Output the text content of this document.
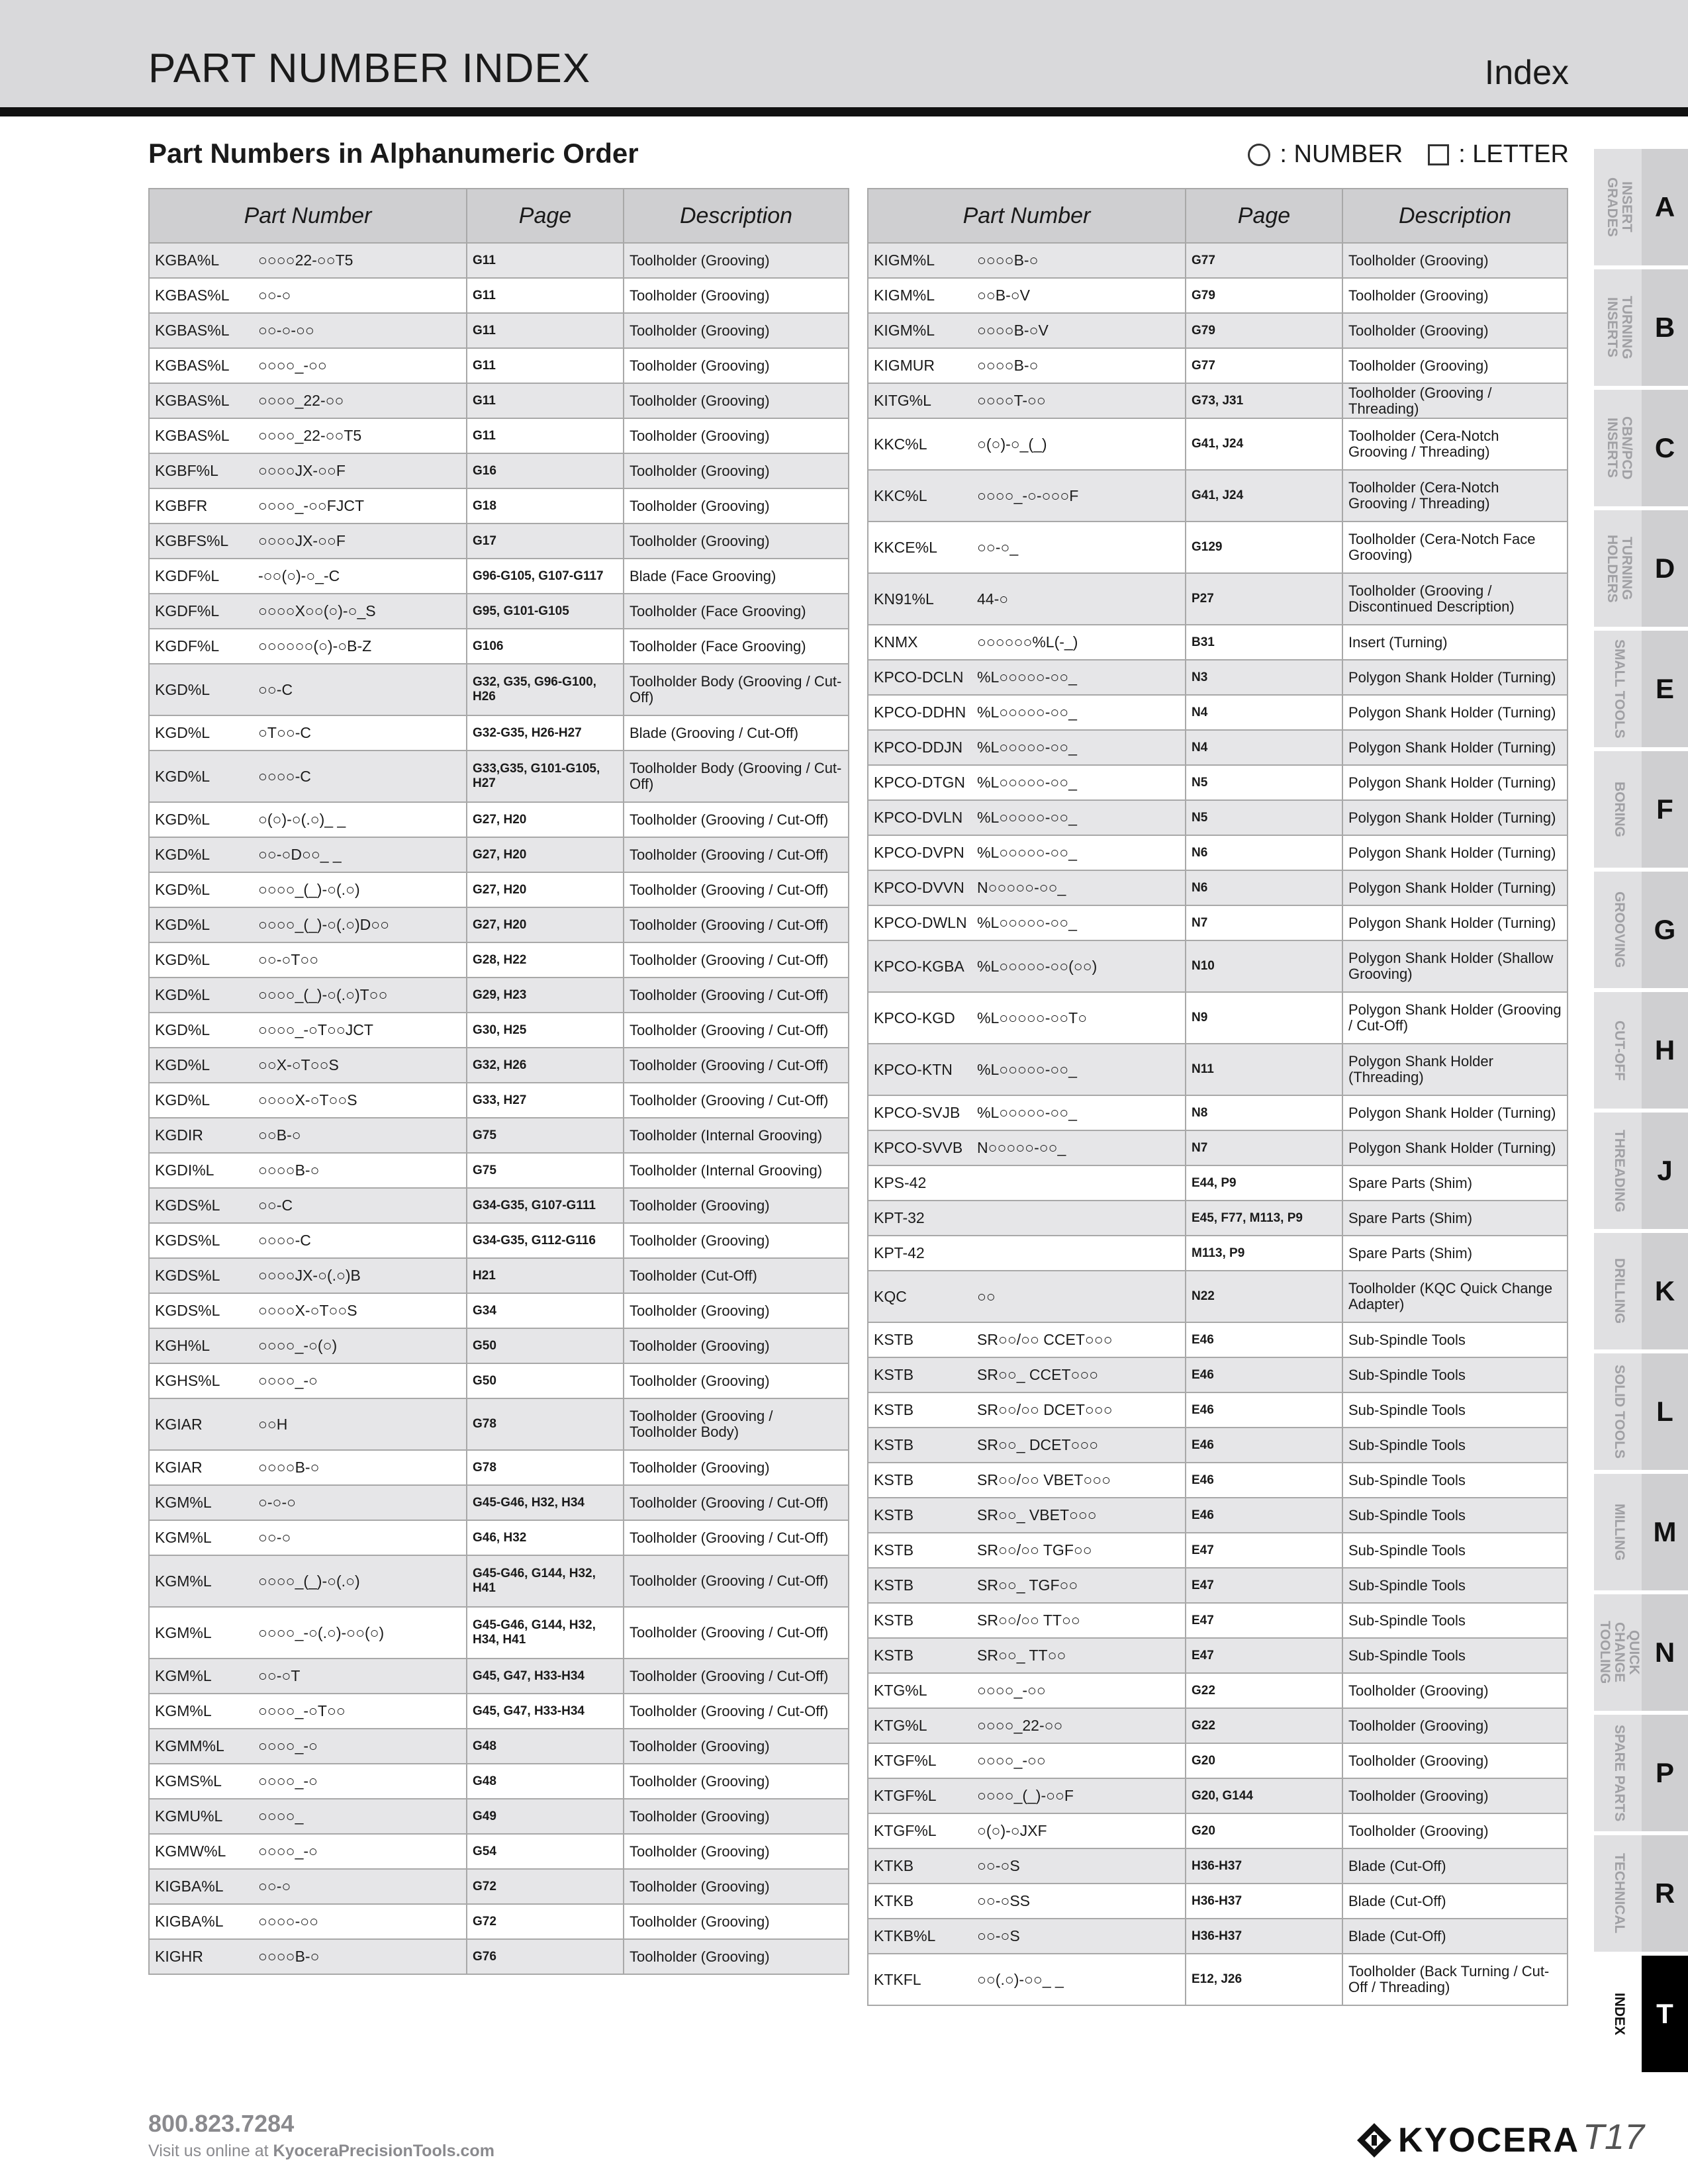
PART NUMBER INDEX	Index
Part Numbers in Alphanumeric Order	: NUMBER : LETTER
Part Number	Page	Description
KGBA%L ○○○○22-○○T5	G11	Toolholder (Grooving)
KGBAS%L ○○-○	G11	Toolholder (Grooving)
KGBAS%L ○○-○-○○	G11	Toolholder (Grooving)
KGBAS%L ○○○○_-○○	G11	Toolholder (Grooving)
KGBAS%L ○○○○_22-○○	G11	Toolholder (Grooving)
KGBAS%L ○○○○_22-○○T5	G11	Toolholder (Grooving)
KGBF%L ○○○○JX-○○F	G16	Toolholder (Grooving)
KGBFR ○○○○_-○○FJCT	G18	Toolholder (Grooving)
KGBFS%L ○○○○JX-○○F	G17	Toolholder (Grooving)
KGDF%L -○○(○)-○_-C	G96-G105, G107-G117	Blade (Face Grooving)
KGDF%L ○○○○X○○(○)-○_S	G95, G101-G105	Toolholder (Face Grooving)
KGDF%L ○○○○○○(○)-○B-Z	G106	Toolholder (Face Grooving)
KGD%L ○○-C	G32, G35, G96-G100, H26	Toolholder Body (Grooving / Cut-Off)
KGD%L ○T○○-C	G32-G35, H26-H27	Blade (Grooving / Cut-Off)
KGD%L ○○○○-C	G33,G35, G101-G105, H27	Toolholder Body (Grooving / Cut-Off)
KGD%L ○(○)-○(.○)_ _	G27, H20	Toolholder (Grooving / Cut-Off)
KGD%L ○○-○D○○_ _	G27, H20	Toolholder (Grooving / Cut-Off)
KGD%L ○○○○_(_)-○(.○)	G27, H20	Toolholder (Grooving / Cut-Off)
KGD%L ○○○○_(_)-○(.○)D○○	G27, H20	Toolholder (Grooving / Cut-Off)
KGD%L ○○-○T○○	G28, H22	Toolholder (Grooving / Cut-Off)
KGD%L ○○○○_(_)-○(.○)T○○	G29, H23	Toolholder (Grooving / Cut-Off)
KGD%L ○○○○_-○T○○JCT	G30, H25	Toolholder (Grooving / Cut-Off)
KGD%L ○○X-○T○○S	G32, H26	Toolholder (Grooving / Cut-Off)
KGD%L ○○○○X-○T○○S	G33, H27	Toolholder (Grooving / Cut-Off)
KGDIR ○○B-○	G75	Toolholder (Internal Grooving)
KGDI%L ○○○○B-○	G75	Toolholder (Internal Grooving)
KGDS%L ○○-C	G34-G35, G107-G111	Toolholder (Grooving)
KGDS%L ○○○○-C	G34-G35, G112-G116	Toolholder (Grooving)
KGDS%L ○○○○JX-○(.○)B	H21	Toolholder (Cut-Off)
KGDS%L ○○○○X-○T○○S	G34	Toolholder (Grooving)
KGH%L ○○○○_-○(○)	G50	Toolholder (Grooving)
KGHS%L ○○○○_-○	G50	Toolholder (Grooving)
KGIAR ○○H	G78	Toolholder (Grooving / Toolholder Body)
KGIAR ○○○○B-○	G78	Toolholder (Grooving)
KGM%L ○-○-○	G45-G46, H32, H34	Toolholder (Grooving / Cut-Off)
KGM%L ○○-○	G46, H32	Toolholder (Grooving / Cut-Off)
KGM%L ○○○○_(_)-○(.○)	G45-G46, G144, H32, H41	Toolholder (Grooving / Cut-Off)
KGM%L ○○○○_-○(.○)-○○(○)	G45-G46, G144, H32, H34, H41	Toolholder (Grooving / Cut-Off)
KGM%L ○○-○T	G45, G47, H33-H34	Toolholder (Grooving / Cut-Off)
KGM%L ○○○○_-○T○○	G45, G47, H33-H34	Toolholder (Grooving / Cut-Off)
KGMM%L ○○○○_-○	G48	Toolholder (Grooving)
KGMS%L ○○○○_-○	G48	Toolholder (Grooving)
KGMU%L ○○○○_	G49	Toolholder (Grooving)
KGMW%L ○○○○_-○	G54	Toolholder (Grooving)
KIGBA%L ○○-○	G72	Toolholder (Grooving)
KIGBA%L ○○○○-○○	G72	Toolholder (Grooving)
KIGHR ○○○○B-○	G76	Toolholder (Grooving)
Part Number	Page	Description
KIGM%L ○○○○B-○	G77	Toolholder (Grooving)
KIGM%L ○○B-○V	G79	Toolholder (Grooving)
KIGM%L ○○○○B-○V	G79	Toolholder (Grooving)
KIGMUR ○○○○B-○	G77	Toolholder (Grooving)
KITG%L ○○○○T-○○	G73, J31	Toolholder (Grooving / Threading)
KKC%L ○(○)-○_(_)	G41, J24	Toolholder (Cera-Notch Grooving / Threading)
KKC%L ○○○○_-○-○○○F	G41, J24	Toolholder (Cera-Notch Grooving / Threading)
KKCE%L ○○-○_	G129	Toolholder (Cera-Notch Face Grooving)
KN91%L 44-○	P27	Toolholder (Grooving / Discontinued Description)
KNMX ○○○○○○%L(-_)	B31	Insert (Turning)
KPCO-DCLN %L○○○○○-○○_	N3	Polygon Shank Holder (Turning)
KPCO-DDHN %L○○○○○-○○_	N4	Polygon Shank Holder (Turning)
KPCO-DDJN %L○○○○○-○○_	N4	Polygon Shank Holder (Turning)
KPCO-DTGN %L○○○○○-○○_	N5	Polygon Shank Holder (Turning)
KPCO-DVLN %L○○○○○-○○_	N5	Polygon Shank Holder (Turning)
KPCO-DVPN %L○○○○○-○○_	N6	Polygon Shank Holder (Turning)
KPCO-DVVN N○○○○○-○○_	N6	Polygon Shank Holder (Turning)
KPCO-DWLN %L○○○○○-○○_	N7	Polygon Shank Holder (Turning)
KPCO-KGBA %L○○○○○-○○(○○)	N10	Polygon Shank Holder (Shallow Grooving)
KPCO-KGD %L○○○○○-○○T○	N9	Polygon Shank Holder (Grooving / Cut-Off)
KPCO-KTN %L○○○○○-○○_	N11	Polygon Shank Holder (Threading)
KPCO-SVJB %L○○○○○-○○_	N8	Polygon Shank Holder (Turning)
KPCO-SVVB N○○○○○-○○_	N7	Polygon Shank Holder (Turning)
KPS-42	E44, P9	Spare Parts (Shim)
KPT-32	E45, F77, M113, P9	Spare Parts (Shim)
KPT-42	M113, P9	Spare Parts (Shim)
KQC ○○	N22	Toolholder (KQC Quick Change Adapter)
KSTB SR○○/○○ CCET○○○	E46	Sub-Spindle Tools
KSTB SR○○_ CCET○○○	E46	Sub-Spindle Tools
KSTB SR○○/○○ DCET○○○	E46	Sub-Spindle Tools
KSTB SR○○_ DCET○○○	E46	Sub-Spindle Tools
KSTB SR○○/○○ VBET○○○	E46	Sub-Spindle Tools
KSTB SR○○_ VBET○○○	E46	Sub-Spindle Tools
KSTB SR○○/○○ TGF○○	E47	Sub-Spindle Tools
KSTB SR○○_ TGF○○	E47	Sub-Spindle Tools
KSTB SR○○/○○ TT○○	E47	Sub-Spindle Tools
KSTB SR○○_ TT○○	E47	Sub-Spindle Tools
KTG%L ○○○○_-○○	G22	Toolholder (Grooving)
KTG%L ○○○○_22-○○	G22	Toolholder (Grooving)
KTGF%L ○○○○_-○○	G20	Toolholder (Grooving)
KTGF%L ○○○○_(_)-○○F	G20, G144	Toolholder (Grooving)
KTGF%L ○(○)-○JXF	G20	Toolholder (Grooving)
KTKB ○○-○S	H36-H37	Blade (Cut-Off)
KTKB ○○-○SS	H36-H37	Blade (Cut-Off)
KTKB%L ○○-○S	H36-H37	Blade (Cut-Off)
KTKFL ○○(.○)-○○_ _	E12, J26	Toolholder (Back Turning / Cut-Off / Threading)
INSERT GRADES	A
TURNING INSERTS	B
CBN/PCD INSERTS	C
TURNING HOLDERS	D
SMALL TOOLS	E
BORING	F
GROOVING G
CUT-OFF H
THREADING	J
DRILLING K
SOLID TOOLS	L
MILLING M
QUICK CHANGE TOOLING	N
SPARE PARTS	P
TECHNICAL R
INDEX	T
800.823.7284
Visit us online at KyoceraPrecisionTools.com	KYOCERA T17
